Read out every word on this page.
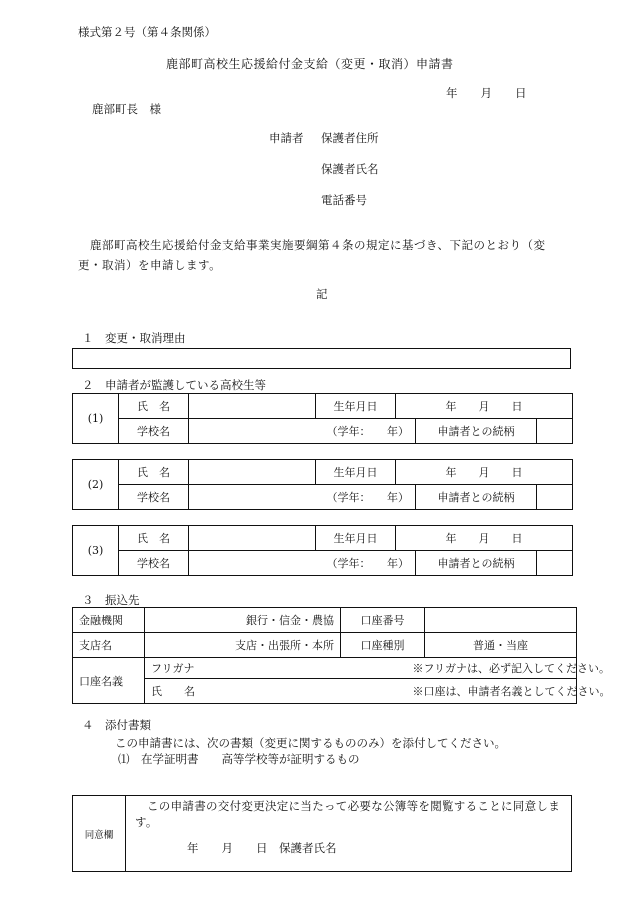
様式第２号（第４条関係）
鹿部町高校生応援給付金支給（変更・取消）申請書
年　　月　　日
鹿部町長　様
申請者 保護者住所
保護者氏名
電話番号
鹿部町高校生応援給付金支給事業実施要綱第４条の規定に基づき、下記のとおり（変更・取消）を申請します。
記
１　変更・取消理由
２　申請者が監護している高校生等
(1)	氏　名		生年月日	年　　月　　日		
	学校名	（学年：　　年）			申請者との続柄	
(2)	氏　名		生年月日	年　　月　　日		
	学校名	（学年：　　年）			申請者との続柄	
(3)	氏　名		生年月日	年　　月　　日		
	学校名	（学年：　　年）			申請者との続柄	
３　振込先
金融機関	銀行・信金・農協	口座番号	
支店名	支店・出張所・本所	口座種別	普通・当座
口座名義	フリガナ ※フリガナは、必ず記入してください。		

	氏　　名 ※口座は、申請者名義としてください。		
４　添付書類
この申請書には、次の書類（変更に関するもののみ）を添付してください。
⑴　在学証明書　　高等学校等が証明するもの
同意欄
この申請書の交付変更決定に当たって必要な公簿等を閲覧することに同意します。
年　　月　　日　保護者氏名
